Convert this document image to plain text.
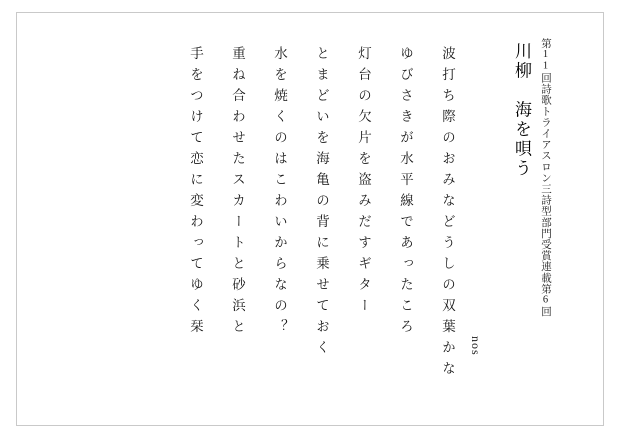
第11回詩歌トライアスロン三詩型部門受賞連載第6回
川柳　海を唄う
nos
波打ち際のおみなどうしの双葉かな
ゆびさきが水平線であったころ
灯台の欠片を盗みだすギター
とまどいを海亀の背に乗せておく
水を焼くのはこわいからなの？
重ね合わせたスカートと砂浜と
手をつけて恋に変わってゆく栞
